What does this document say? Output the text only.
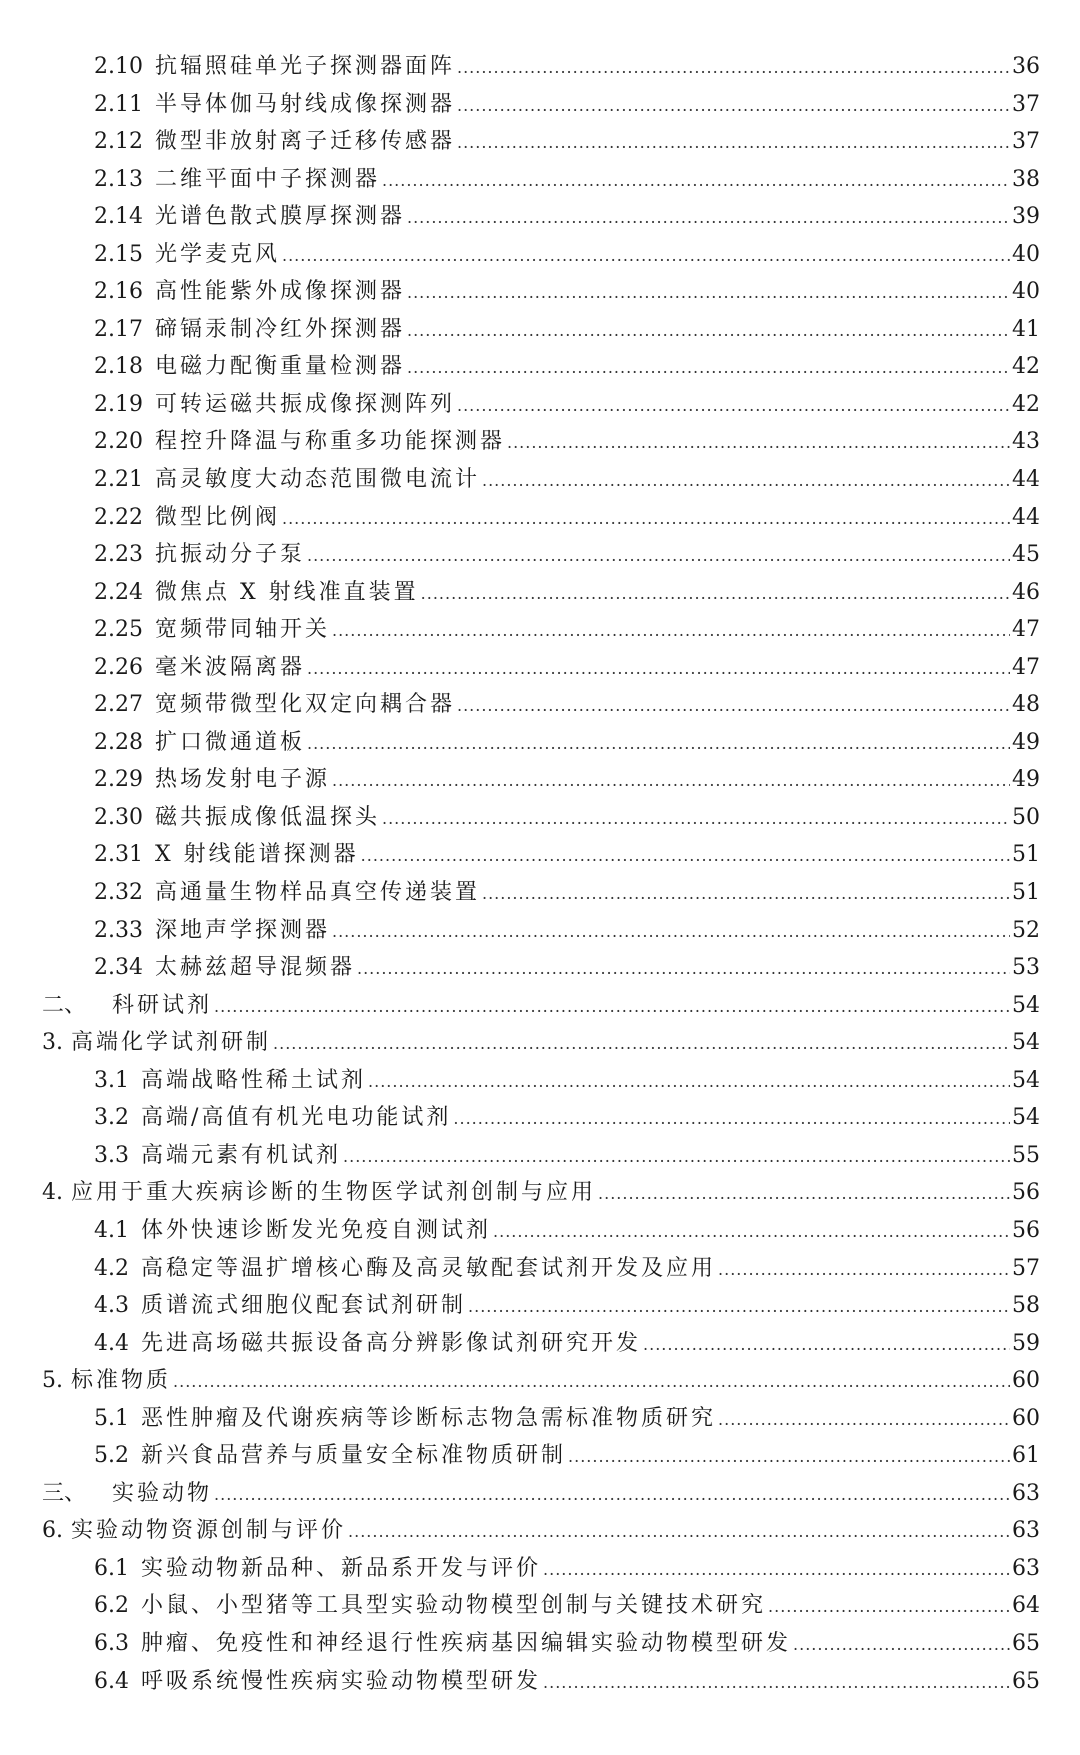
2.10 抗辐照硅单光子探测器面阵 .....	36
2.11 半导体伽马射线成像探测器 .....	37
2.12 微型非放射离子迁移传感器 .....	37
2.13 二维平面中子探测器 .....	38
2.14 光谱色散式膜厚探测器 .....	39
2.15 光学麦克风 .....	40
2.16 高性能紫外成像探测器 .....	40
2.17 碲镉汞制冷红外探测器 .....	41
2.18 电磁力配衡重量检测器 .....	42
2.19 可转运磁共振成像探测阵列 .....	42
2.20 程控升降温与称重多功能探测器 .....	43
2.21 高灵敏度大动态范围微电流计 .....	44
2.22 微型比例阀 .....	44
2.23 抗振动分子泵 .....	45
2.24 微焦点 X 射线准直装置 .....	46
2.25 宽频带同轴开关 .....	47
2.26 毫米波隔离器 .....	47
2.27 宽频带微型化双定向耦合器 .....	48
2.28 扩口微通道板 .....	49
2.29 热场发射电子源 .....	49
2.30 磁共振成像低温探头 .....	50
2.31 X 射线能谱探测器 .....	51
2.32 高通量生物样品真空传递装置 .....	51
2.33 深地声学探测器 .....	52
2.34 太赫兹超导混频器 .....	53
二、 科研试剂 .....	54
3. 高端化学试剂研制 .....	54
3.1 高端战略性稀土试剂 .....	54
3.2 高端/高值有机光电功能试剂 .....	54
3.3 高端元素有机试剂 .....	55
4. 应用于重大疾病诊断的生物医学试剂创制与应用 .....	56
4.1 体外快速诊断发光免疫自测试剂 .....	56
4.2 高稳定等温扩增核心酶及高灵敏配套试剂开发及应用 .....	57
4.3 质谱流式细胞仪配套试剂研制 .....	58
4.4 先进高场磁共振设备高分辨影像试剂研究开发 .....	59
5. 标准物质 .....	60
5.1 恶性肿瘤及代谢疾病等诊断标志物急需标准物质研究 .....	60
5.2 新兴食品营养与质量安全标准物质研制 .....	61
三、 实验动物 .....	63
6. 实验动物资源创制与评价 .....	63
6.1 实验动物新品种、新品系开发与评价 .....	63
6.2 小鼠、小型猪等工具型实验动物模型创制与关键技术研究 .....	64
6.3 肿瘤、免疫性和神经退行性疾病基因编辑实验动物模型研发 .....	65
6.4 呼吸系统慢性疾病实验动物模型研发 .....	65
